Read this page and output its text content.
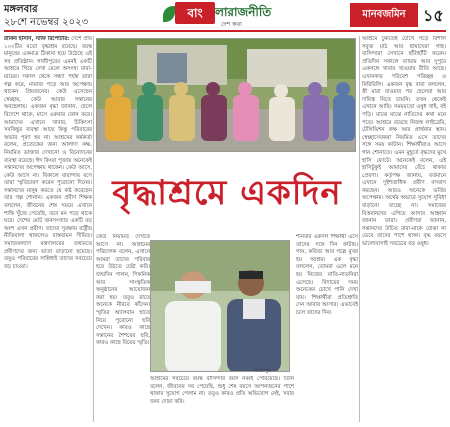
মঙ্গলবার
২৮শে নভেম্বর ২০২৩
বাং	লারাজনীতি
দেশ কথা
মানবজমিন	১৫
রাকিব হাসান, স্টাফ রিপোর্টার: দেশে প্রায় ১০০টির মতো বৃদ্ধাশ্রম রয়েছে। বয়স্ক মানুষের একমাত্র ঠিকানা হয়ে উঠেছে এই সব প্রতিষ্ঠান। গাজীপুরের এমনই একটি আশ্রমে গিয়ে দেখা মেলে অসংখ্য বাবা-মায়ের। সকাল থেকে সন্ধ্যা পর্যন্ত তারা গল্প করে, নামাজ পড়ে আর অপেক্ষায় থাকেন প্রিয়জনের। কেউ এসেছেন স্বেচ্ছায়, কেউ আবার সন্তানের অবহেলায়। একজন বৃদ্ধা জানান, ছেলে বিদেশে থাকে, মাসে একবার ফোন করে। আমাদের এখানে খাবার, চিকিৎসা সবকিছুর ব্যবস্থা আছে কিন্তু পরিবারের অভাব পূরণ হয় না। আশ্রমের কর্মকর্তা বলেন, প্রত্যেকের জন্য আলাদা কক্ষ, নিয়মিত ডাক্তার দেখানো ও বিনোদনের ব্যবস্থা রয়েছে। ঈদ কিংবা পূজায় অনেকেই সন্তানদের অপেক্ষায় থাকেন। কেউ আসে, কেউ আসে না। বিকালে বারান্দায় বসে তারা স্মৃতিচারণ করেন পুরোনো দিনের। সন্তানদের মানুষ করতে যে কষ্ট করেছেন তার গল্প শোনান। একজন প্রবীণ শিক্ষক বললেন, জীবনের শেষ সময়ে এখানে শান্তি খুঁজে পেয়েছি, তবে মন পড়ে থাকে ঘরে। দেশের মোট জনসংখ্যার একটি বড় অংশ এখন প্রবীণ। তাদের সুরক্ষায় রাষ্ট্রীয় নীতিমালা থাকলেও বাস্তবায়ন সীমিত। সমাজকল্যাণ মন্ত্রণালয়ের তথ্যমতে প্রবীণদের জন্য ভাতা বাড়ানো হয়েছে। তবুও পরিবারের সান্নিধ্যই তাদের সবচেয়ে বড় চাওয়া।
বৃদ্ধাশ্রমে একদিন
কেউ নিয়মিত দেখতে আসে না। আশ্রমের পরিচালক বলেন, এখানে আমরা তাদের পরিবার হয়ে উঠতে চেষ্টা করি। জন্মদিন পালন, পিকনিক আর সাংস্কৃতিক অনুষ্ঠানের আয়োজন করা হয়। তবুও রাতে অনেকে নীরবে কাঁদেন। স্মৃতির অ্যালবাম হাতে নিয়ে পুরোনো ছবি দেখেন। কারও কাছে সন্তানের শৈশবের ছবি, কারও কাছে বিয়ের স্মৃতি।
গাজীপুর
শনিবার একদল শিক্ষার্থী এসে তাদের সঙ্গে দিন কাটায়। গান, কবিতা আর গল্পে মুখর হয় আশ্রম। এক বৃদ্ধা বললেন, তোমরা এলে মনে হয় নিজের নাতি-নাতনিরা এসেছে। বিদায়ের সময় অনেকের চোখে পানি দেখা যায়। শিক্ষার্থীরা প্রতিশ্রুতি দেন আবার আসার। এভাবেই চলে তাদের দিন।
আশ্রমের সবচেয়ে বয়স্ক বাসিন্দার বয়স নব্বই পেরিয়েছে। তিনি বলেন, জীবনের সব পেয়েছি, শুধু শেষ বয়সে আপনজনের পাশে থাকার সুযোগ পেলাম না। তবুও কারও প্রতি অভিযোগ নেই, সবার জন্য দোয়া করি।
আশ্রমে ঢুকতেই চোখে পড়ে বিশাল সবুজ মাঠ আর ছায়াঘেরা গাছ। বাসিন্দারা সেখানে হাঁটাহাঁটি করেন। প্রতিদিন সকালে ব্যায়াম আর দুপুরে একসঙ্গে খাবার খাওয়ার রীতি আছে। এখানকার পরিবেশ পরিচ্ছন্ন ও নিরিবিলি। একজন বৃদ্ধ বাবা বললেন, স্ত্রী মারা যাওয়ার পর ছেলেরা আর দায়িত্ব নিতে চায়নি। তখন থেকেই এখানে আছি। সময়মতো ওষুধ খাই, বই পড়ি। মাঝে মাঝে নাতিদের কথা মনে পড়ে। আশ্রমে রয়েছে নিজস্ব লাইব্রেরি, টেলিভিশন কক্ষ আর প্রার্থনার স্থান। স্বেচ্ছাসেবকরা নিয়মিত এসে তাদের সঙ্গে সময় কাটান। শিক্ষার্থীরাও আসে গান শোনাতে। এমন মুহূর্তে বৃদ্ধদের মুখে হাসি ফোটে। অনেকেই বলেন, এই হাসিটুকুই আমাদের বেঁচে থাকার প্রেরণা। কর্তৃপক্ষ জানায়, বর্তমানে এখানে দুইশতাধিক প্রবীণ বসবাস করছেন। আরও অনেকে ভর্তির অপেক্ষায়। অর্থের অভাবে সুযোগ সুবিধা বাড়ানো যাচ্ছে না। সমাজের বিত্তবানদের এগিয়ে আসার আহ্বান জানান তারা। প্রবীণরা জানান, সন্তানদের উচিত বাবা-মাকে বোঝা না ভেবে তাদের পাশে থাকা। বৃদ্ধ বয়সে ভালোবাসাই সবচেয়ে বড় ওষুধ।
